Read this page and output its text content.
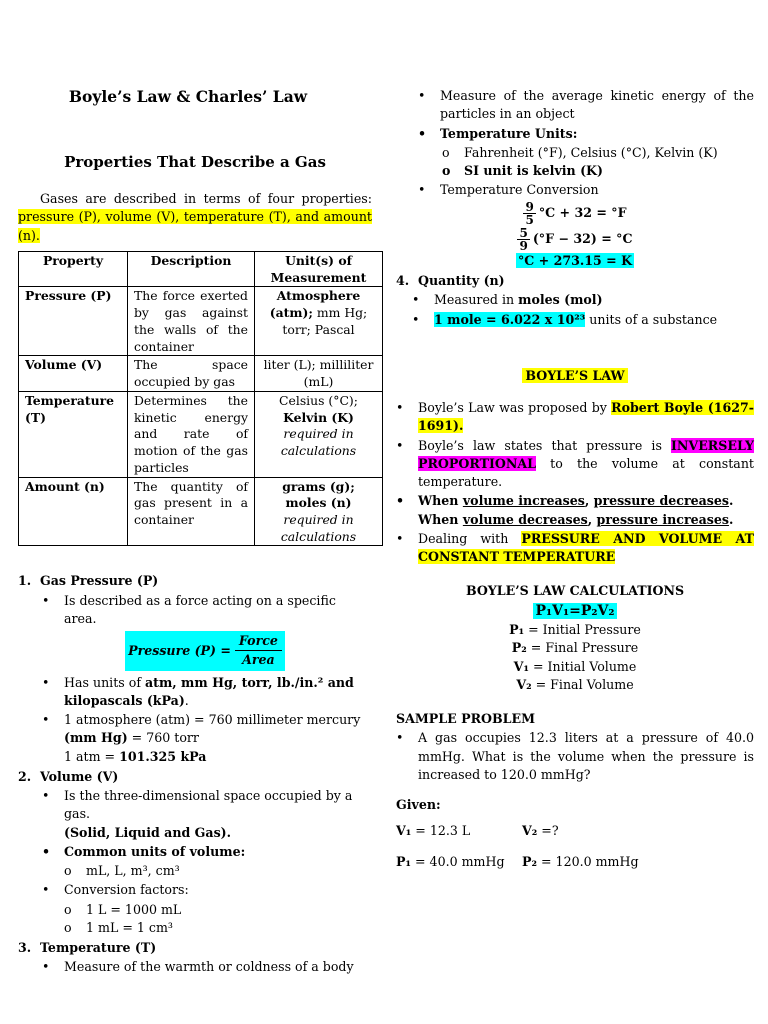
Boyle’s Law & Charles’ Law
Properties That Describe a Gas

Gases are described in terms of four properties: pressure (P), volume (V), temperature (T), and amount (n).

Property	Description	Unit(s) of Measurement
Pressure (P)	The force exerted by gas against the walls of the container	Atmosphere (atm); mm Hg; torr; Pascal
Volume (V)	The space occupied by gas	liter (L); milliliter (mL)
Temperature (T)	Determines the kinetic energy and rate of motion of the gas particles	Celsius (°C);
Kelvin (K)
required in calculations
Amount (n)	The quantity of gas present in a container	grams (g); moles (n)
required in calculations
1. Gas Pressure (P)
• Is described as a force acting on a specific area.
Pressure $(P) = \frac{\text{Force}}{\text{Area}}$
• Has units of atm, mm Hg, torr, lb./in.² and kilopascals (kPa).
• 1 atmosphere (atm) = 760 millimeter mercury
(mm Hg) = 760 torr
1 atm = 101.325 kPa
2. Volume (V)
• Is the three-dimensional space occupied by a gas.
(Solid, Liquid and Gas).
• Common units of volume:
o mL, L, m³, cm³
• Conversion factors:
o 1 L = 1000 mL
o 1 mL = 1 cm³
3. Temperature (T)
• Measure of the warmth or coldness of a body
• Measure of the average kinetic energy of the particles in an object
• Temperature Units:
o Fahrenheit (°F), Celsius (°C), Kelvin (K)
o SI unit is kelvin (K)
• Temperature Conversion
$\frac{9}{5} ^\circ C + 32 = ^\circ F$
$\frac{5}{9} (^\circ F - 32) = ^\circ C$
°C + 273.15 = K
4. Quantity (n)
• Measured in moles (mol)
• 1 mole = 6.022 x 10²³ units of a substance
BOYLE’S LAW
• Boyle’s Law was proposed by Robert Boyle (1627-1691).
• Boyle’s law states that pressure is INVERSELY PROPORTIONAL to the volume at constant temperature.
• When volume increases, pressure decreases.
When volume decreases, pressure increases.
• Dealing with PRESSURE AND VOLUME AT CONSTANT TEMPERATURE
BOYLE’S LAW CALCULATIONS
P₁V₁=P₂V₂
P₁ = Initial Pressure
P₂ = Final Pressure
V₁ = Initial Volume
V₂ = Final Volume
SAMPLE PROBLEM
• A gas occupies 12.3 liters at a pressure of 40.0 mmHg. What is the volume when the pressure is increased to 120.0 mmHg?
Given:
V₁ = 12.3 L	V₂ =?
P₁ = 40.0 mmHg	P₂ = 120.0 mmHg
